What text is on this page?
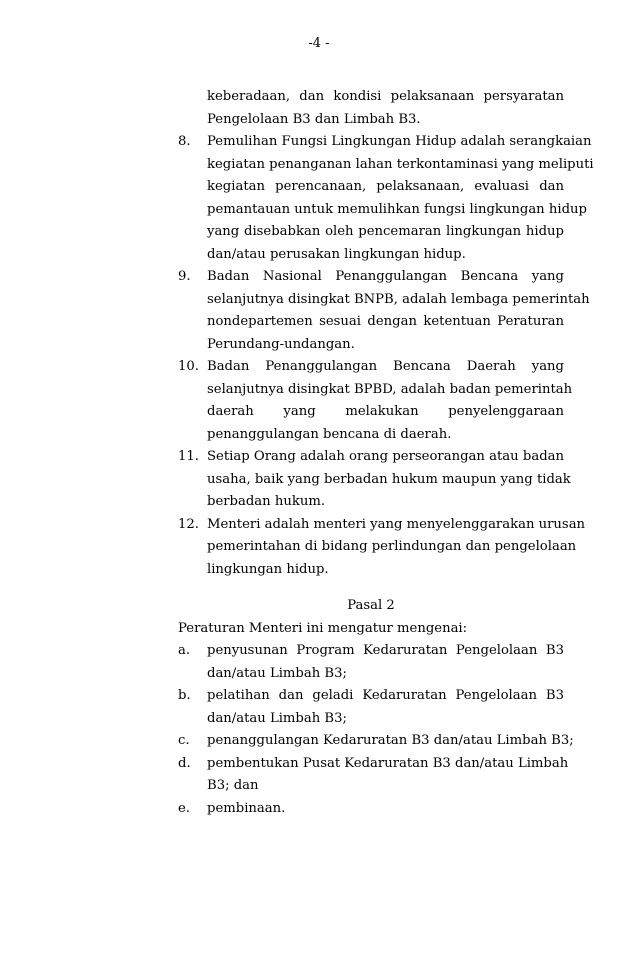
-4 -
keberadaan, dan kondisi pelaksanaan persyaratan
Pengelolaan B3 dan Limbah B3.
8.	Pemulihan Fungsi Lingkungan Hidup adalah serangkaian
kegiatan penanganan lahan terkontaminasi yang meliputi
kegiatan perencanaan, pelaksanaan, evaluasi dan
pemantauan untuk memulihkan fungsi lingkungan hidup
yang disebabkan oleh pencemaran lingkungan hidup
dan/atau perusakan lingkungan hidup.
9.	Badan Nasional Penanggulangan Bencana yang
selanjutnya disingkat BNPB, adalah lembaga pemerintah
nondepartemen sesuai dengan ketentuan Peraturan
Perundang-undangan.
10. Badan Penanggulangan Bencana Daerah yang
selanjutnya disingkat BPBD, adalah badan pemerintah
daerah yang melakukan penyelenggaraan
penanggulangan bencana di daerah.
11. Setiap Orang adalah orang perseorangan atau badan
usaha, baik yang berbadan hukum maupun yang tidak
berbadan hukum.
12. Menteri adalah menteri yang menyelenggarakan urusan
pemerintahan di bidang perlindungan dan pengelolaan
lingkungan hidup.
Pasal 2
Peraturan Menteri ini mengatur mengenai:
a.	penyusunan Program Kedaruratan Pengelolaan B3
dan/atau Limbah B3;
b.	pelatihan dan geladi Kedaruratan Pengelolaan B3
dan/atau Limbah B3;
c.	penanggulangan Kedaruratan B3 dan/atau Limbah B3;
d.	pembentukan Pusat Kedaruratan B3 dan/atau Limbah
B3; dan
e.	pembinaan.
